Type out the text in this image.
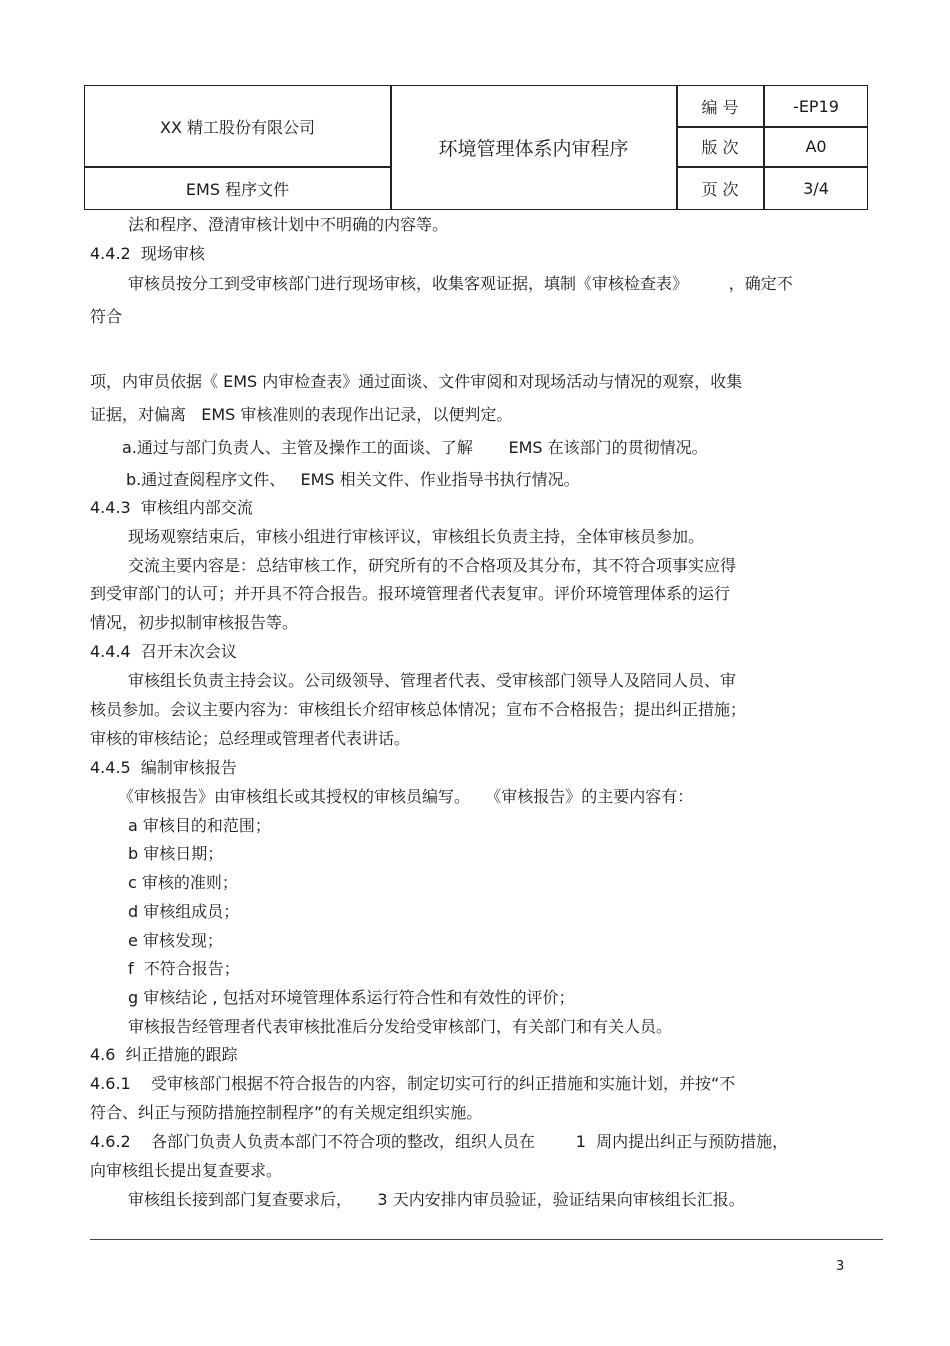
XX 精工股份有限公司
EMS 程序文件
环境管理体系内审程序
编 号	-EP19
版 次	A0
页 次	3/4
法和程序、澄清审核计划中不明确的内容等。
4.4.2  现场审核
审核员按分工到受审核部门进行现场审核，收集客观证据，填制《审核检查表》        ，确定不
符合
项，内审员依据《 EMS 内审检查表》通过面谈、文件审阅和对现场活动与情况的观察，收集
证据，对偏离   EMS 审核准则的表现作出记录，以便判定。
a.通过与部门负责人、主管及操作工的面谈、了解       EMS 在该部门的贯彻情况。
b.通过查阅程序文件、   EMS 相关文件、作业指导书执行情况。
4.4.3  审核组内部交流
现场观察结束后，审核小组进行审核评议，审核组长负责主持，全体审核员参加。
交流主要内容是：总结审核工作，研究所有的不合格项及其分布，其不符合项事实应得
到受审部门的认可；并开具不符合报告。报环境管理者代表复审。评价环境管理体系的运行
情况，初步拟制审核报告等。
4.4.4  召开末次会议
审核组长负责主持会议。公司级领导、管理者代表、受审核部门领导人及陪同人员、审
核员参加。会议主要内容为：审核组长介绍审核总体情况；宣布不合格报告；提出纠正措施；
审核的审核结论；总经理或管理者代表讲话。
4.4.5  编制审核报告
《审核报告》由审核组长或其授权的审核员编写。   《审核报告》的主要内容有：
a 审核目的和范围；
b 审核日期；
c 审核的准则；
d 审核组成员；
e 审核发现；
f  不符合报告；
g 审核结论 , 包括对环境管理体系运行符合性和有效性的评价；
审核报告经管理者代表审核批准后分发给受审核部门，有关部门和有关人员。
4.6  纠正措施的跟踪
4.6.1    受审核部门根据不符合报告的内容，制定切实可行的纠正措施和实施计划，并按“不
符合、纠正与预防措施控制程序”的有关规定组织实施。
4.6.2    各部门负责人负责本部门不符合项的整改，组织人员在        1  周内提出纠正与预防措施，
向审核组长提出复查要求。
审核组长接到部门复查要求后，     3 天内安排内审员验证，验证结果向审核组长汇报。
3
